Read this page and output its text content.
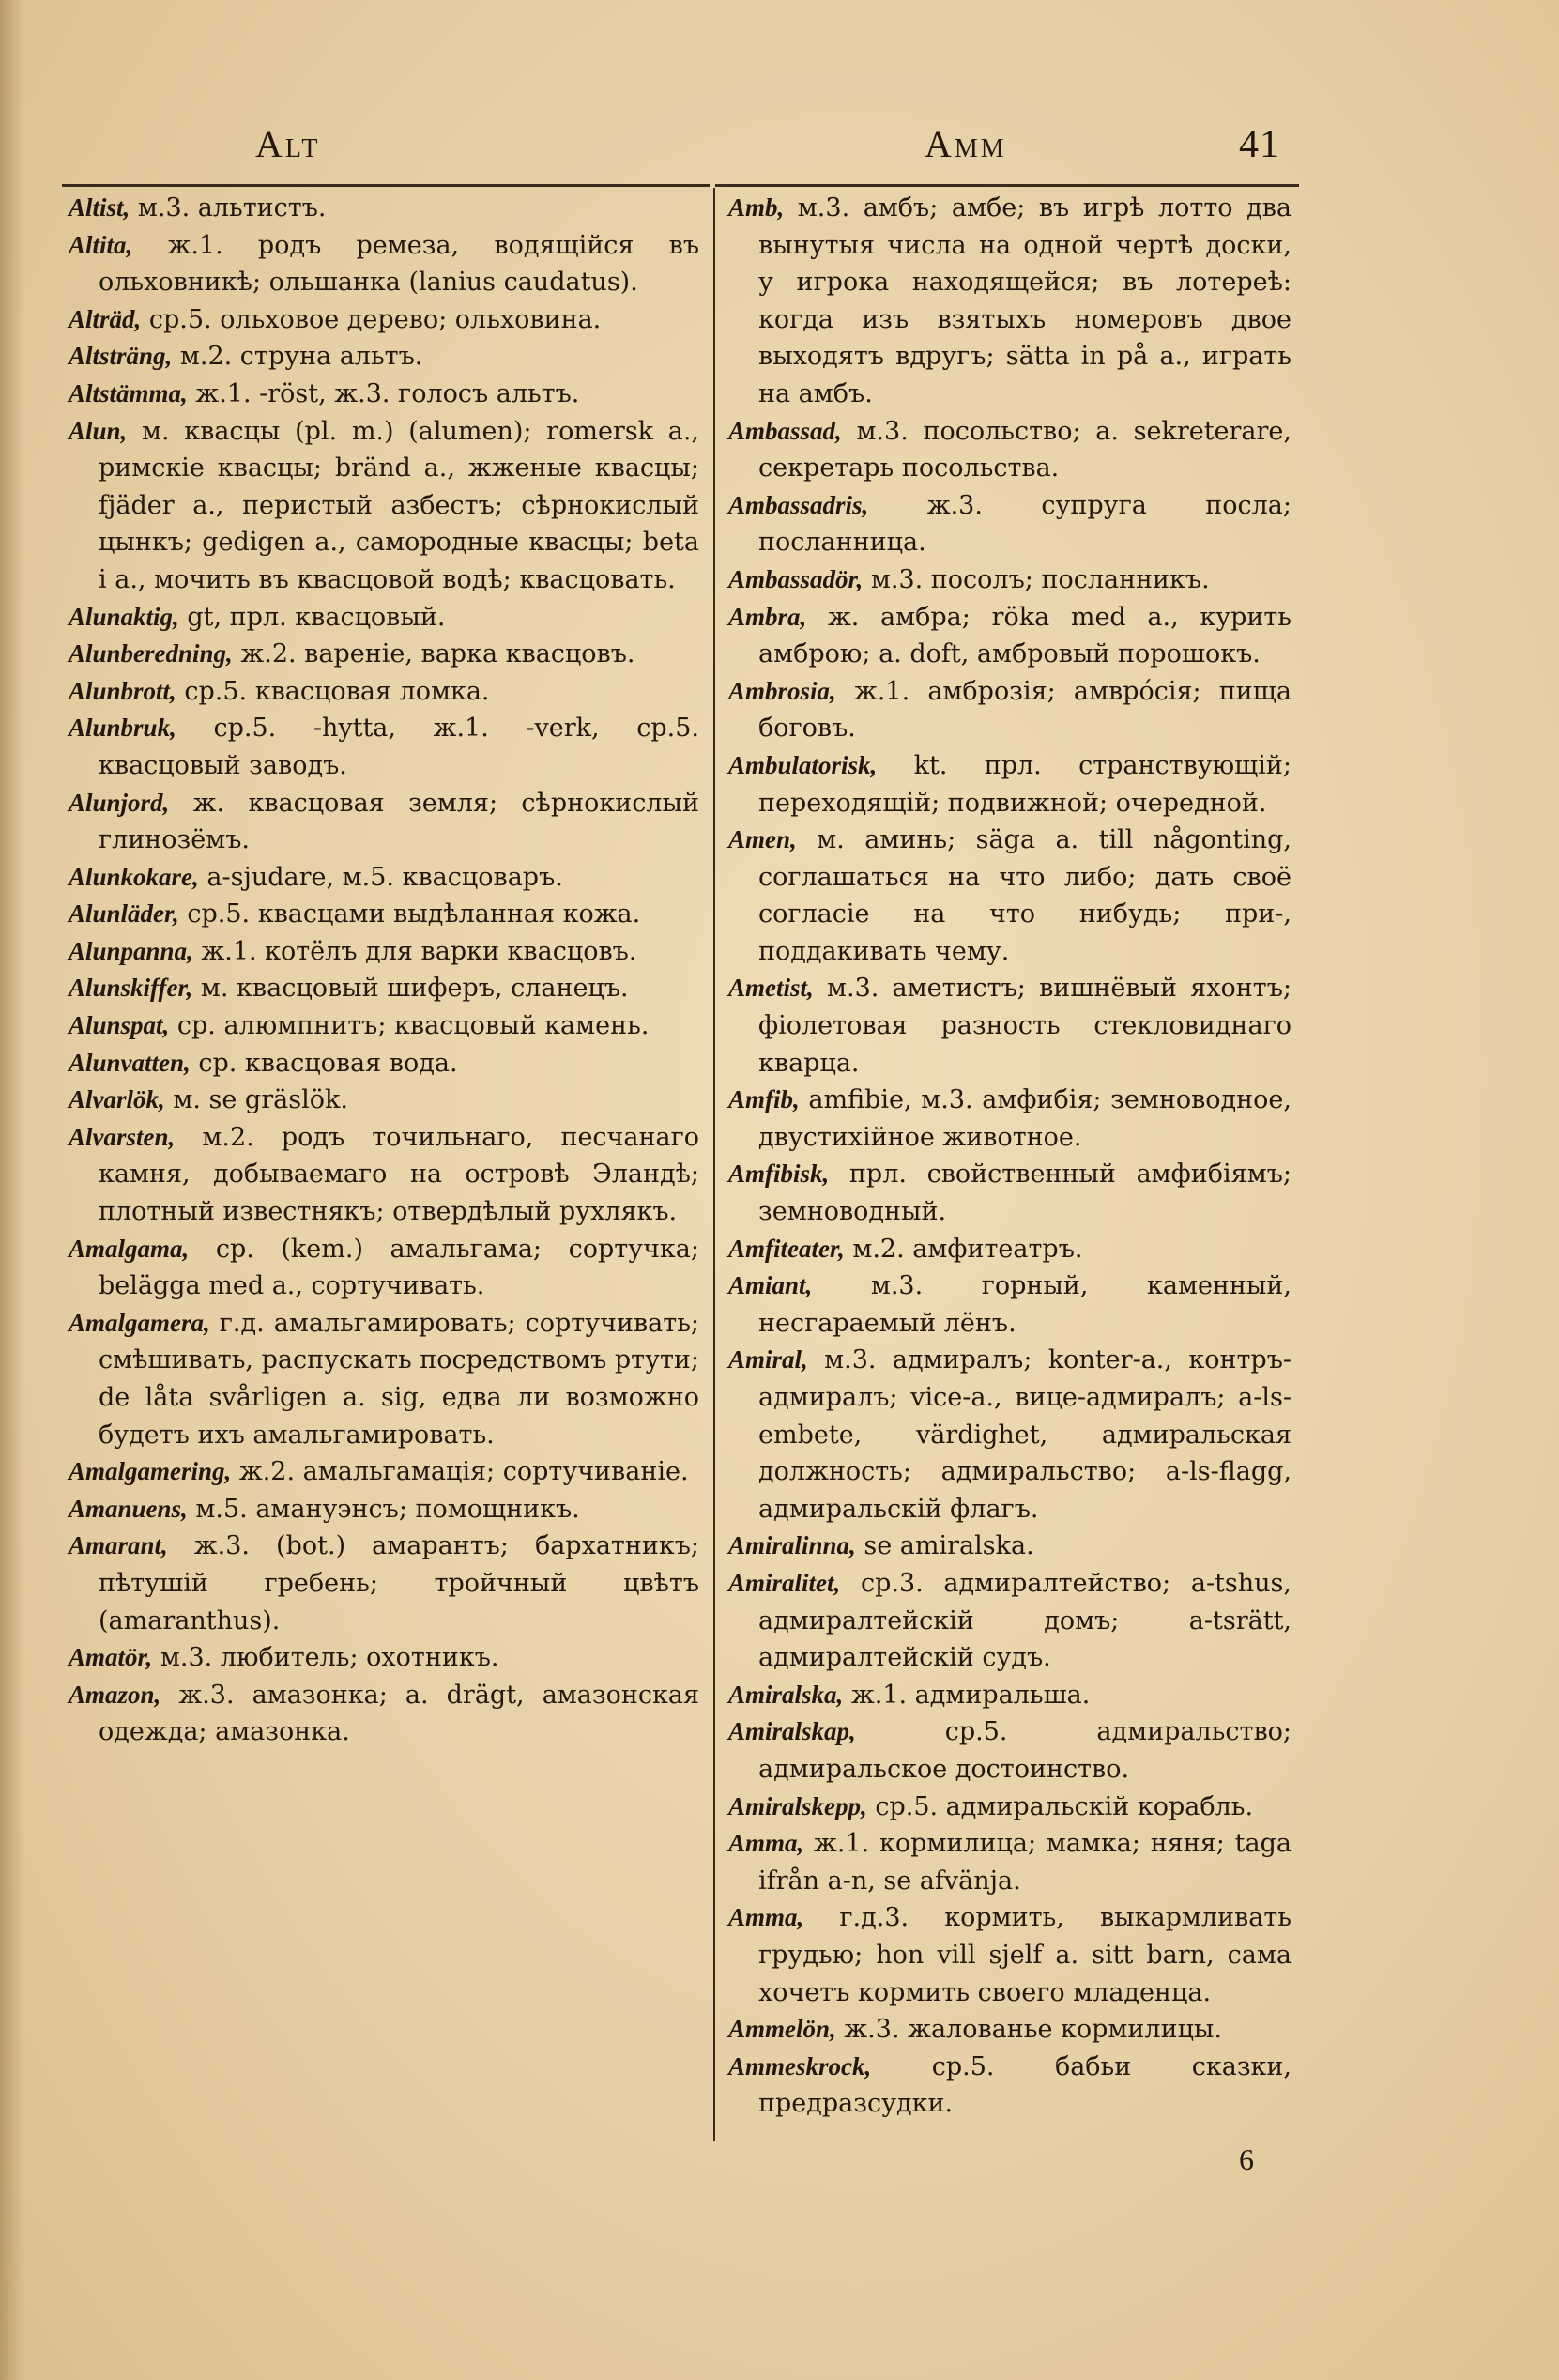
Alt	Amm	41
Altist, м.3. альтистъ.
Altita, ж.1. родъ ремеза, водящійся въ ольховникѣ; ольшанка (lanius caudatus).
Alträd, ср.5. ольховое дерево; ольховина.
Altsträng, м.2. струна альтъ.
Altstämma, ж.1. -röst, ж.3. голосъ альтъ.
Alun, м. квасцы (pl. m.) (alumen); romersk a., римскіе квасцы; bränd a., жженые квасцы; fjäder a., перистый азбестъ; сѣрнокислый цынкъ; gedigen a., самородные квасцы; beta i a., мочить въ квасцовой водѣ; квасцовать.
Alunaktig, gt, прл. квасцовый.
Alunberedning, ж.2. вареніе, варка квасцовъ.
Alunbrott, ср.5. квасцовая ломка.
Alunbruk, ср.5. -hytta, ж.1. -verk, ср.5. квасцовый заводъ.
Alunjord, ж. квасцовая земля; сѣрнокислый глинозёмъ.
Alunkokare, a-sjudare, м.5. квасцоваръ.
Alunläder, ср.5. квасцами выдѣланная кожа.
Alunpanna, ж.1. котёлъ для варки квасцовъ.
Alunskiffer, м. квасцовый шиферъ, сланецъ.
Alunspat, ср. алюмпнитъ; квасцовый камень.
Alunvatten, ср. квасцовая вода.
Alvarlök, м. se gräslök.
Alvarsten, м.2. родъ точильнаго, песчанаго камня, добываемаго на островѣ Эландѣ; плотный известнякъ; отвердѣлый рухлякъ.
Amalgama, ср. (kem.) амальгама; сортучка; belägga med a., сортучивать.
Amalgamera, г.д. амальгамировать; сортучивать; смѣшивать, распускать посредствомъ ртути; de låta svårligen a. sig, едва ли возможно будетъ ихъ амальгамировать.
Amalgamering, ж.2. амальгамація; сортучиваніе.
Amanuens, м.5. амануэнсъ; помощникъ.
Amarant, ж.3. (bot.) амарантъ; бархатникъ; пѣтушій гребень; тройчный цвѣтъ (amaranthus).
Amatör, м.3. любитель; охотникъ.
Amazon, ж.3. амазонка; a. drägt, амазонская одежда; амазонка.
Amb, м.3. амбъ; амбе; въ игрѣ лотто два вынутыя числа на одной чертѣ доски, у игрока находящейся; въ лотереѣ: когда изъ взятыхъ номеровъ двое выходятъ вдругъ; sätta in på a., играть на амбъ.
Ambassad, м.3. посольство; a. sekreterare, секретарь посольства.
Ambassadris, ж.3. супруга посла; посланница.
Ambassadör, м.3. посолъ; посланникъ.
Ambra, ж. амбра; röka med a., курить амброю; a. doft, амбровый порошокъ.
Ambrosia, ж.1. амброзія; амврóсія; пища боговъ.
Ambulatorisk, kt. прл. странствующій; переходящій; подвижной; очередной.
Amen, м. аминь; säga a. till någonting, соглашаться на что либо; дать своё согласіе на что нибудь; при-, поддакивать чему.
Ametist, м.3. аметистъ; вишнёвый яхонтъ; фіолетовая разность стекловиднаго кварца.
Amfib, amfibie, м.3. амфибія; земноводное, двустихійное животное.
Amfibisk, прл. свойственный амфибіямъ; земноводный.
Amfiteater, м.2. амфитеатръ.
Amiant, м.3. горный, каменный, несгараемый лёнъ.
Amiral, м.3. адмиралъ; konter-a., контръ-адмиралъ; vice-a., вице-адмиралъ; a-ls-embete, värdighet, адмиральская должность; адмиральство; a-ls-flagg, адмиральскій флагъ.
Amiralinna, se amiralska.
Amiralitet, ср.3. адмиралтейство; a-tshus, адмиралтейскій домъ; a-tsrätt, адмиралтейскій судъ.
Amiralska, ж.1. адмиральша.
Amiralskap, ср.5. адмиральство; адмиральское достоинство.
Amiralskepp, ср.5. адмиральскій корабль.
Amma, ж.1. кормилица; мамка; няня; taga ifrån a-n, se afvänja.
Amma, г.д.3. кормить, выкармливать грудью; hon vill sjelf a. sitt barn, сама хочетъ кормить своего младенца.
Ammelön, ж.3. жалованье кормилицы.
Ammeskrock, ср.5. бабьи сказки, предразсудки.
6
